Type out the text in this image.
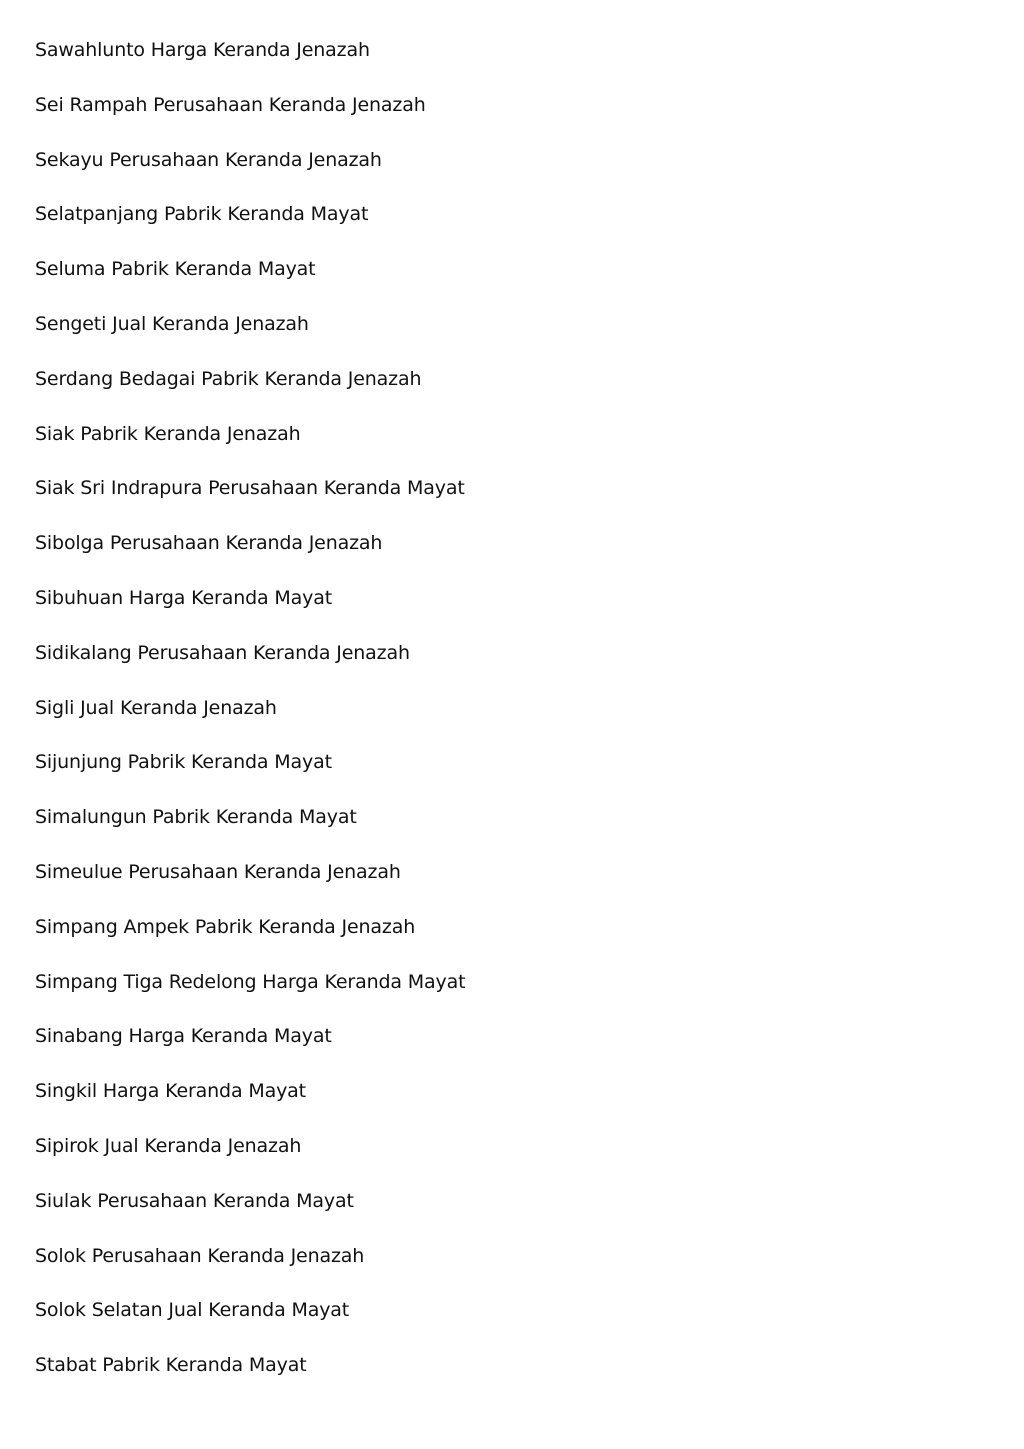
Sawahlunto Harga Keranda Jenazah
Sei Rampah Perusahaan Keranda Jenazah
Sekayu Perusahaan Keranda Jenazah
Selatpanjang Pabrik Keranda Mayat
Seluma Pabrik Keranda Mayat
Sengeti Jual Keranda Jenazah
Serdang Bedagai Pabrik Keranda Jenazah
Siak Pabrik Keranda Jenazah
Siak Sri Indrapura Perusahaan Keranda Mayat
Sibolga Perusahaan Keranda Jenazah
Sibuhuan Harga Keranda Mayat
Sidikalang Perusahaan Keranda Jenazah
Sigli Jual Keranda Jenazah
Sijunjung Pabrik Keranda Mayat
Simalungun Pabrik Keranda Mayat
Simeulue Perusahaan Keranda Jenazah
Simpang Ampek Pabrik Keranda Jenazah
Simpang Tiga Redelong Harga Keranda Mayat
Sinabang Harga Keranda Mayat
Singkil Harga Keranda Mayat
Sipirok Jual Keranda Jenazah
Siulak Perusahaan Keranda Mayat
Solok Perusahaan Keranda Jenazah
Solok Selatan Jual Keranda Mayat
Stabat Pabrik Keranda Mayat
